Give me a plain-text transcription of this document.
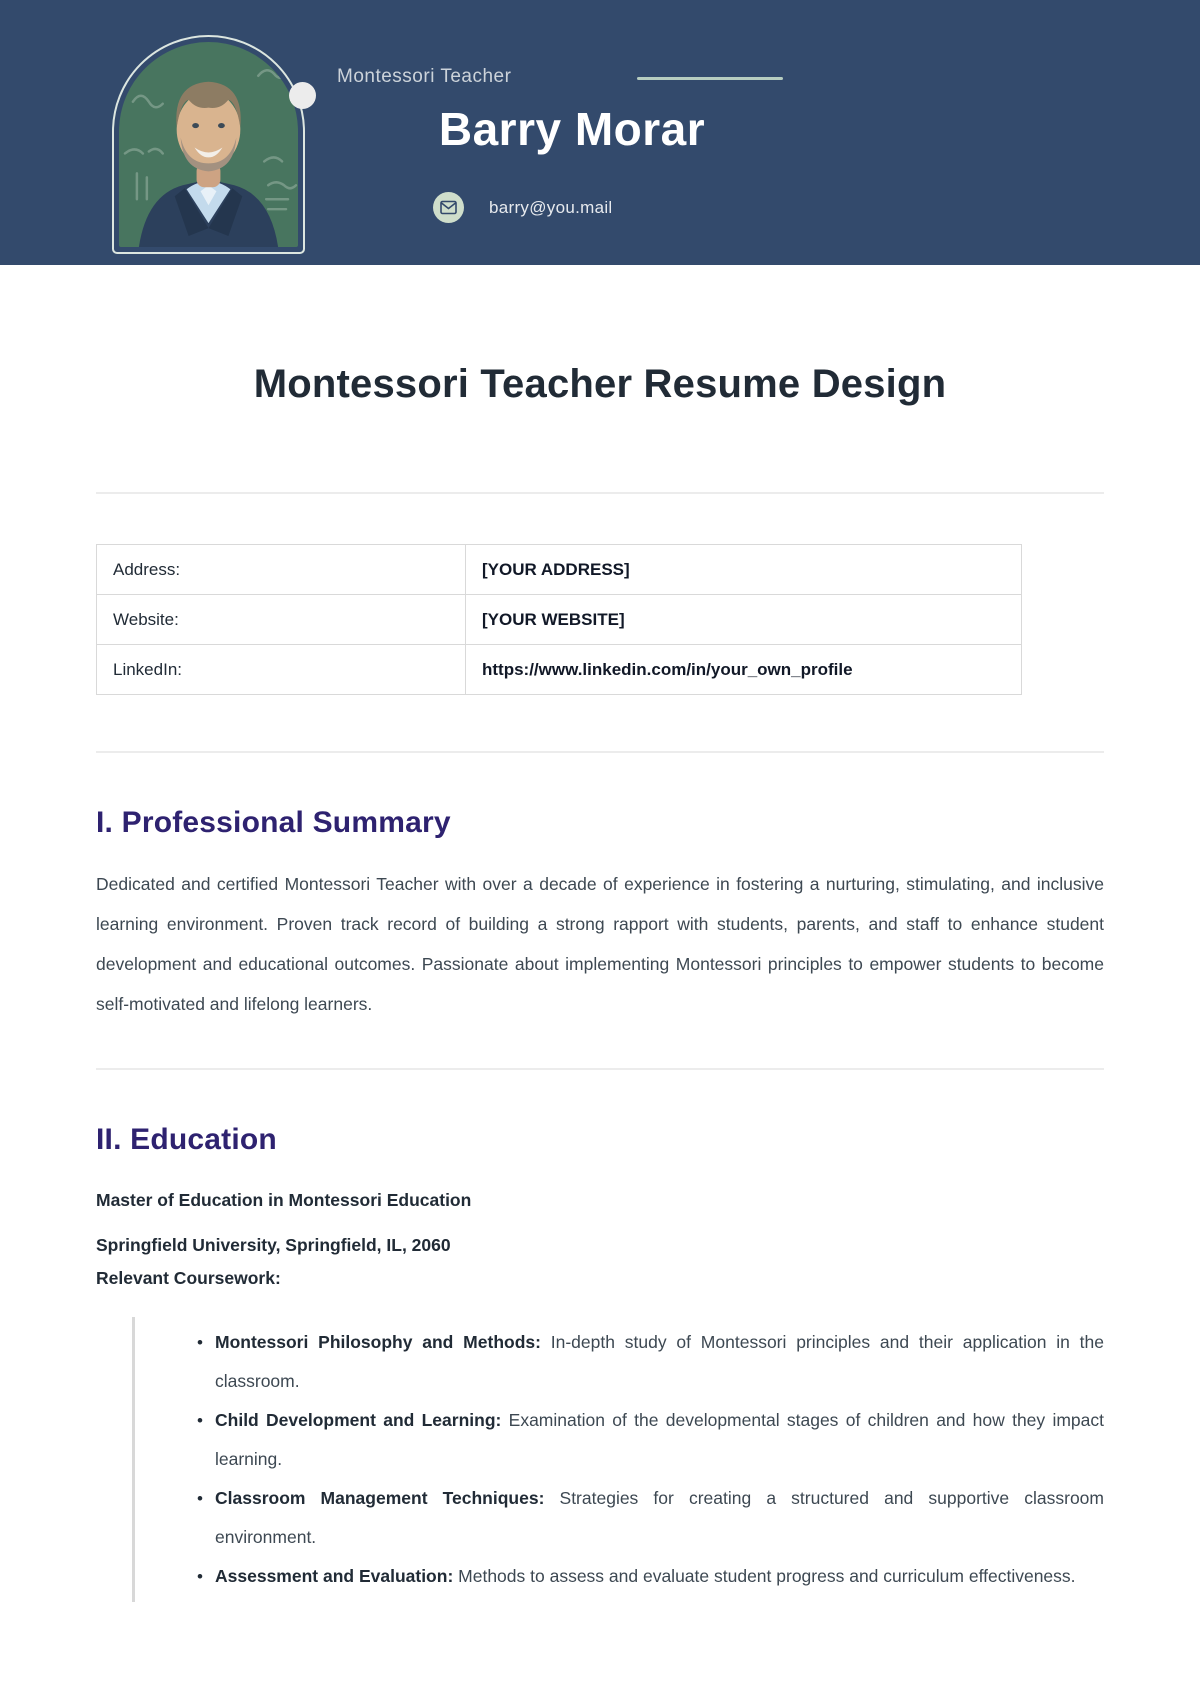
Montessori Teacher
Barry Morar
barry@you.mail
Montessori Teacher Resume Design
Address:	[YOUR ADDRESS]
Website:	[YOUR WEBSITE]
LinkedIn:	https://www.linkedin.com/in/your_own_profile
I. Professional Summary

Dedicated and certified Montessori Teacher with over a decade of experience in fostering a nurturing, stimulating, and inclusive learning environment. Proven track record of building a strong rapport with students, parents, and staff to enhance student development and educational outcomes. Passionate about implementing Montessori principles to empower students to become self-motivated and lifelong learners.

II. Education

Master of Education in Montessori Education

Springfield University, Springfield, IL, 2060

Relevant Coursework:

• Montessori Philosophy and Methods: In-depth study of Montessori principles and their application in the classroom.
• Child Development and Learning: Examination of the developmental stages of children and how they impact learning.
• Classroom Management Techniques: Strategies for creating a structured and supportive classroom environment.
• Assessment and Evaluation: Methods to assess and evaluate student progress and curriculum effectiveness.
